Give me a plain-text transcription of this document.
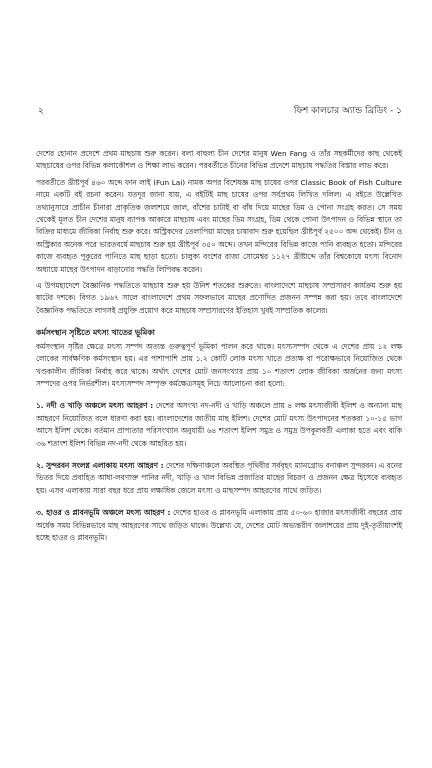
২	ফিশ কালচার অ্যান্ড ব্রিডিং - ১

দেশের হোনান প্রদেশে প্রথম মাছচাষ শুরু করেন। বলা বাহুল্য চীন দেশের মানুষ Wen Fang ও তাঁর সহকর্মীদের কাছ থেকেই মাছচাষের ওপর বিভিন্ন কলাকৌশল ও শিক্ষা লাভ করেন। পরবর্তীতে চীনের বিভিন্ন প্রদেশে মাছচাষ পদ্ধতির বিস্তার লাভ করে।

পরবর্তীতে খ্রীষ্টপূর্ব ৪৬০ অব্দে ফান লাই (Fun Lai) নামক অপর বিশেষজ্ঞ মাছ চাষের ওপর Classic Book of Fish Culture নামে একটি বই রচনা করেন। যতদূর জানা যায়, এ বইটিই মাছ চাষের ওপর সর্বপ্রথম লিখিত দলিল। এ বইতে উল্লেখিত তথ্যানুসারে প্রাচীন চীনারা প্রাকৃতিক জলাশয়ে জাল, বাঁশের চাটাই বা বাঁধ দিয়ে মাছের ডিম ও পোনা সংগ্রহ করত। সে সময় থেকেই মূলত চীন দেশের মানুষ ব্যাপক আকারে মাছচাষ এবং মাছের ডিম সংগ্রহ, ডিম থেকে পোনা উৎপাদন ও বিভিন্ন স্থানে তা বিক্রির মাধ্যমে জীবিকা নির্বাহ শুরু করে। অস্ট্রিকদের তেলাপিয়া মাছের চাষাবাদ শুরু হয়েছিল খ্রীষ্টপূর্ব ২৫০০ অব্দ থেকেই। চীন ও অস্ট্রিকার অনেক পরে ভারতবর্ষে মাছচাষ শুরু হয় খ্রীষ্টপূর্ব ৩৫০ অব্দে। তখন মন্দিরের বিভিন্ন কাজে পানি ব্যবহৃত হতো। মন্দিরের কাজে ব্যবহৃত পুকুরের পানিতে মাছ ছাড়া হতো। চালুক্য বংশের রাজা সোমেশ্বর ১১২৭ খ্রীষ্টাব্দে তাঁর বিশ্বকোষে মৎস্য বিনোদ অধ্যায়ে মাছের উৎপাদন বাড়ানোর পদ্ধতি লিপিবদ্ধ করেন।

এ উপমহাদেশে বৈজ্ঞানিক পদ্ধতিতে মাছচাষ শুরু হয় উনিশ শতকের শুরুতে। বাংলাদেশে মাছচাষ সম্প্রসারণ কার্যক্রম শুরু হয় ষাটের দশকে। বিগত ১৯৬৭ সালে বাংলাদেশে প্রথম সফলভাবে মাছের প্রণোদিত প্রজনন সম্পন্ন করা হয়। তবে বাংলাদেশে বৈজ্ঞানিক পদ্ধতিতে লাগসই প্রযুক্তি প্রয়োগ করে মাছচাষ সম্প্রসারণের ইতিহাস খুবই সাম্প্রতিক কালের।

কর্মসংস্থান সৃষ্টিতে মৎস্য খাতের ভূমিকা

কর্মসংস্থান সৃষ্টির ক্ষেত্রে মৎস্য সম্পদ অত্যন্ত গুরুত্বপূর্ণ ভূমিকা পালন করে থাকে। মৎস্যসম্পদ থেকে এ দেশের প্রায় ১২ লক্ষ লোকের সার্বক্ষণিক কর্মসংস্থান হয়। এর পাশাপাশি প্রায় ১.২ কোটি লোক মৎস্য খাতে প্রত্যক্ষ বা পরোক্ষভাবে নিয়োজিত থেকে খণ্ডকালীন জীবিকা নির্বাহ করে থাকে। অর্থাৎ দেশের মোট জনসংখ্যার প্রায় ১০ শতাংশ লোক জীবিকা অর্জনের জন্য মৎস্য সম্পদের ওপর নির্ভরশীল। মৎস্যসম্পদ সম্পৃক্ত কর্মক্ষেত্রসমূহ নিচে আলোচনা করা হলো:

১. নদী ও খাড়ি অঞ্চলে মৎস্য আহরণ : দেশের অসংখ্য নদ-নদী ও খাড়ি অঞ্চলে প্রায় ৪ লক্ষ মৎস্যজীবী ইলিশ ও অন্যান্য মাছ আহরণে নিয়োজিত বলে ধারণা করা হয়। বাংলাদেশের জাতীয় মাছ ইলিশ। দেশের মোট মৎস্য উৎপাদনের শতকরা ১০-১৫ ভাগ আসে ইলিশ থেকে। বর্তমান প্রাপ্যতার পরিসংখ্যান অনুযায়ী ৬৪ শতাংশ ইলিশ সমুদ্র ও সমুদ্র উপকূলবর্তী এলাকা হতে এবং বাকি ৩৬ শতাংশ ইলিশ বিভিন্ন নদ-নদী থেকে আহরিত হয়।

২. সুন্দরবন সংলগ্ন এলাকায় মৎস্য আহরণ : দেশের দক্ষিণাঞ্চলে অবস্থিত পৃথিবীর সর্ববৃহৎ ম্যানগ্রোভ বনাঞ্চল সুন্দরবন। এ বনের ভিতর দিয়ে প্রবাহিত আধা-লবণাক্ত পানির নদী, খাড়ি ও খাল বিভিন্ন প্রজাতির মাছের বিচরণ ও প্রজনন ক্ষেত্র হিসেবে ব্যবহৃত হয়। এসব এলাকায় সারা বছর ধরে প্রায় লক্ষাধিক জেলে মৎস্য ও মাছসম্পদ আহরণের সাথে জড়িত।

৩. হাওর ও প্লাবনভূমি অঞ্চলে মৎস্য আহরণ : দেশের হাওর ও প্লাবনভূমি এলাকায় প্রায় ৫০-৬০ হাজার মৎস্যজীবী বছরের প্রায় অর্ধেক সময় বিভিন্নভাবে মাছ আহরণের সাথে জড়িত থাকে। উল্লেখ্য যে, দেশের মোট অভ্যন্তরীণ জলাশয়ের প্রায় দুই-তৃতীয়াংশই হচ্ছে হাওর ও প্লাবনভূমি।
